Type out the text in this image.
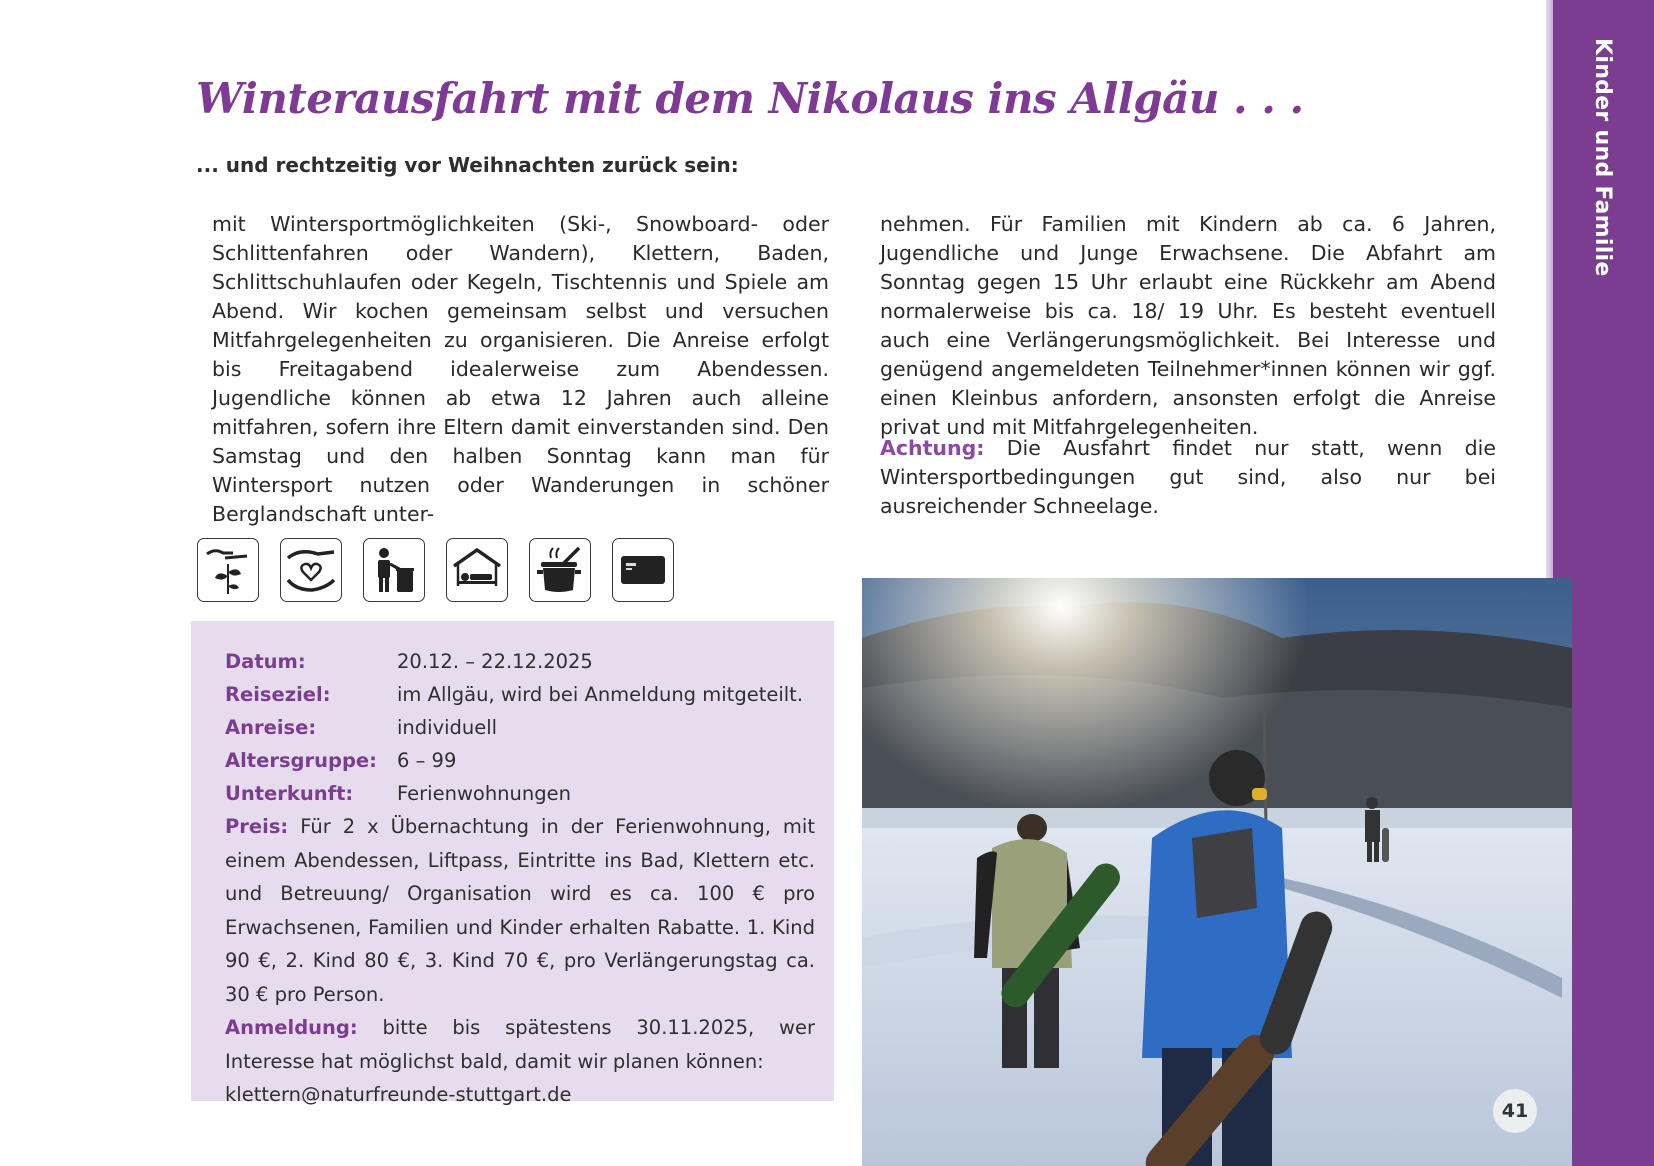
Kinder und Familie
Winterausfahrt mit dem Nikolaus ins Allgäu . . .

... und rechtzeitig vor Weihnachten zurück sein:

mit Wintersportmöglichkeiten (Ski-, Snowboard- oder Schlittenfahren oder Wandern), Klettern, Baden, Schlittschuhlaufen oder Kegeln, Tischtennis und Spiele am Abend. Wir kochen gemeinsam selbst und versuchen Mitfahrgelegenheiten zu organisieren. Die Anreise erfolgt bis Freitagabend idealerweise zum Abendessen. Jugendliche können ab etwa 12 Jahren auch alleine mitfahren, sofern ihre Eltern damit einverstanden sind. Den Samstag und den halben Sonntag kann man für Wintersport nutzen oder Wanderungen in schöner Berglandschaft unter-

nehmen. Für Familien mit Kindern ab ca. 6 Jahren, Jugendliche und Junge Erwachsene. Die Abfahrt am Sonntag gegen 15 Uhr erlaubt eine Rückkehr am Abend normalerweise bis ca. 18/ 19 Uhr. Es besteht eventuell auch eine Verlängerungsmöglichkeit. Bei Interesse und genügend angemeldeten Teilnehmer*innen können wir ggf. einen Kleinbus anfordern, ansonsten erfolgt die Anreise privat und mit Mitfahrgelegenheiten.

Achtung: Die Ausfahrt findet nur statt, wenn die Wintersportbedingungen gut sind, also nur bei ausreichender Schneelage.

Datum:	20.12. – 22.12.2025
Reiseziel:	im Allgäu, wird bei Anmeldung mitgeteilt.
Anreise:	individuell
Altersgruppe:	6 – 99
Unterkunft:	Ferienwohnungen

Preis: Für 2 x Übernachtung in der Ferienwohnung, mit einem Abendessen, Liftpass, Eintritte ins Bad, Klettern etc. und Betreuung/ Organisation wird es ca. 100 € pro Erwachsenen, Familien und Kinder erhalten Rabatte. 1. Kind 90 €, 2. Kind 80 €, 3. Kind 70 €, pro Verlängerungstag ca. 30 € pro Person.

Anmeldung: bitte bis spätestens 30.11.2025, wer Interesse hat möglichst bald, damit wir planen können:
klettern@naturfreunde-stuttgart.de

41
